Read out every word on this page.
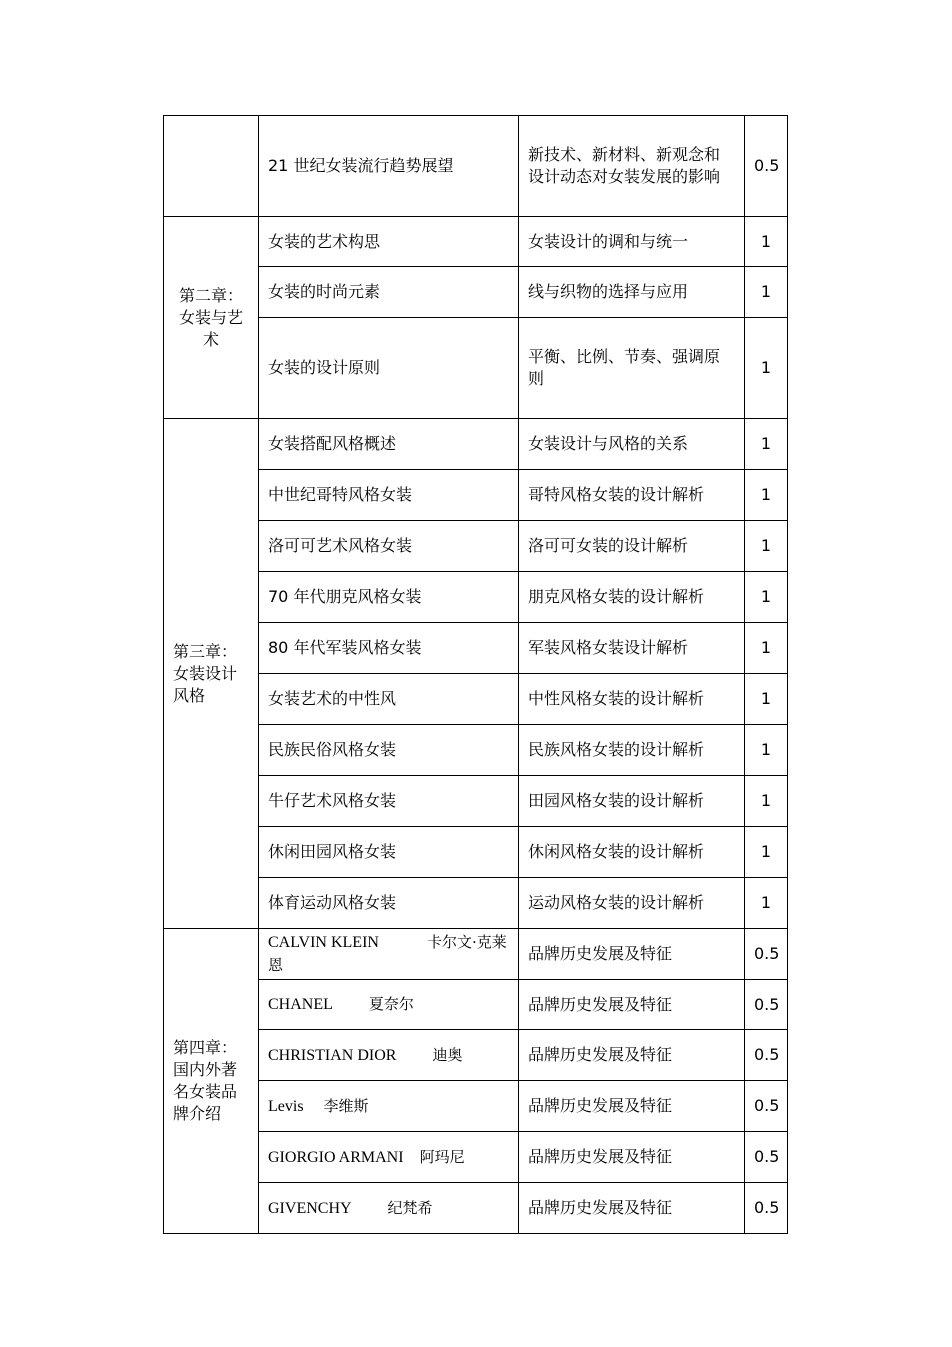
	21 世纪女装流行趋势展望	新技术、新材料、新观念和设计动态对女装发展的影响	0.5
第二章：女装与艺术	女装的艺术构思	女装设计的调和与统一	1
	女装的时尚元素	线与织物的选择与应用	1
	女装的设计原则	平衡、比例、节奏、强调原则	1
第三章：女装设计风格	女装搭配风格概述	女装设计与风格的关系	1
	中世纪哥特风格女装	哥特风格女装的设计解析	1
	洛可可艺术风格女装	洛可可女装的设计解析	1
	70 年代朋克风格女装	朋克风格女装的设计解析	1
	80 年代军装风格女装	军装风格女装设计解析	1
	女装艺术的中性风	中性风格女装的设计解析	1
	民族民俗风格女装	民族风格女装的设计解析	1
	牛仔艺术风格女装	田园风格女装的设计解析	1
	休闲田园风格女装	休闲风格女装的设计解析	1
	体育运动风格女装	运动风格女装的设计解析	1
第四章：国内外著名女装品牌介绍	CALVIN KLEIN 卡尔文·克莱恩	品牌历史发展及特征	0.5
	CHANEL 夏奈尔	品牌历史发展及特征	0.5
	CHRISTIAN DIOR 迪奥	品牌历史发展及特征	0.5
	Levis 李维斯	品牌历史发展及特征	0.5
	GIORGIO ARMANI 阿玛尼	品牌历史发展及特征	0.5
	GIVENCHY 纪梵希	品牌历史发展及特征	0.5
